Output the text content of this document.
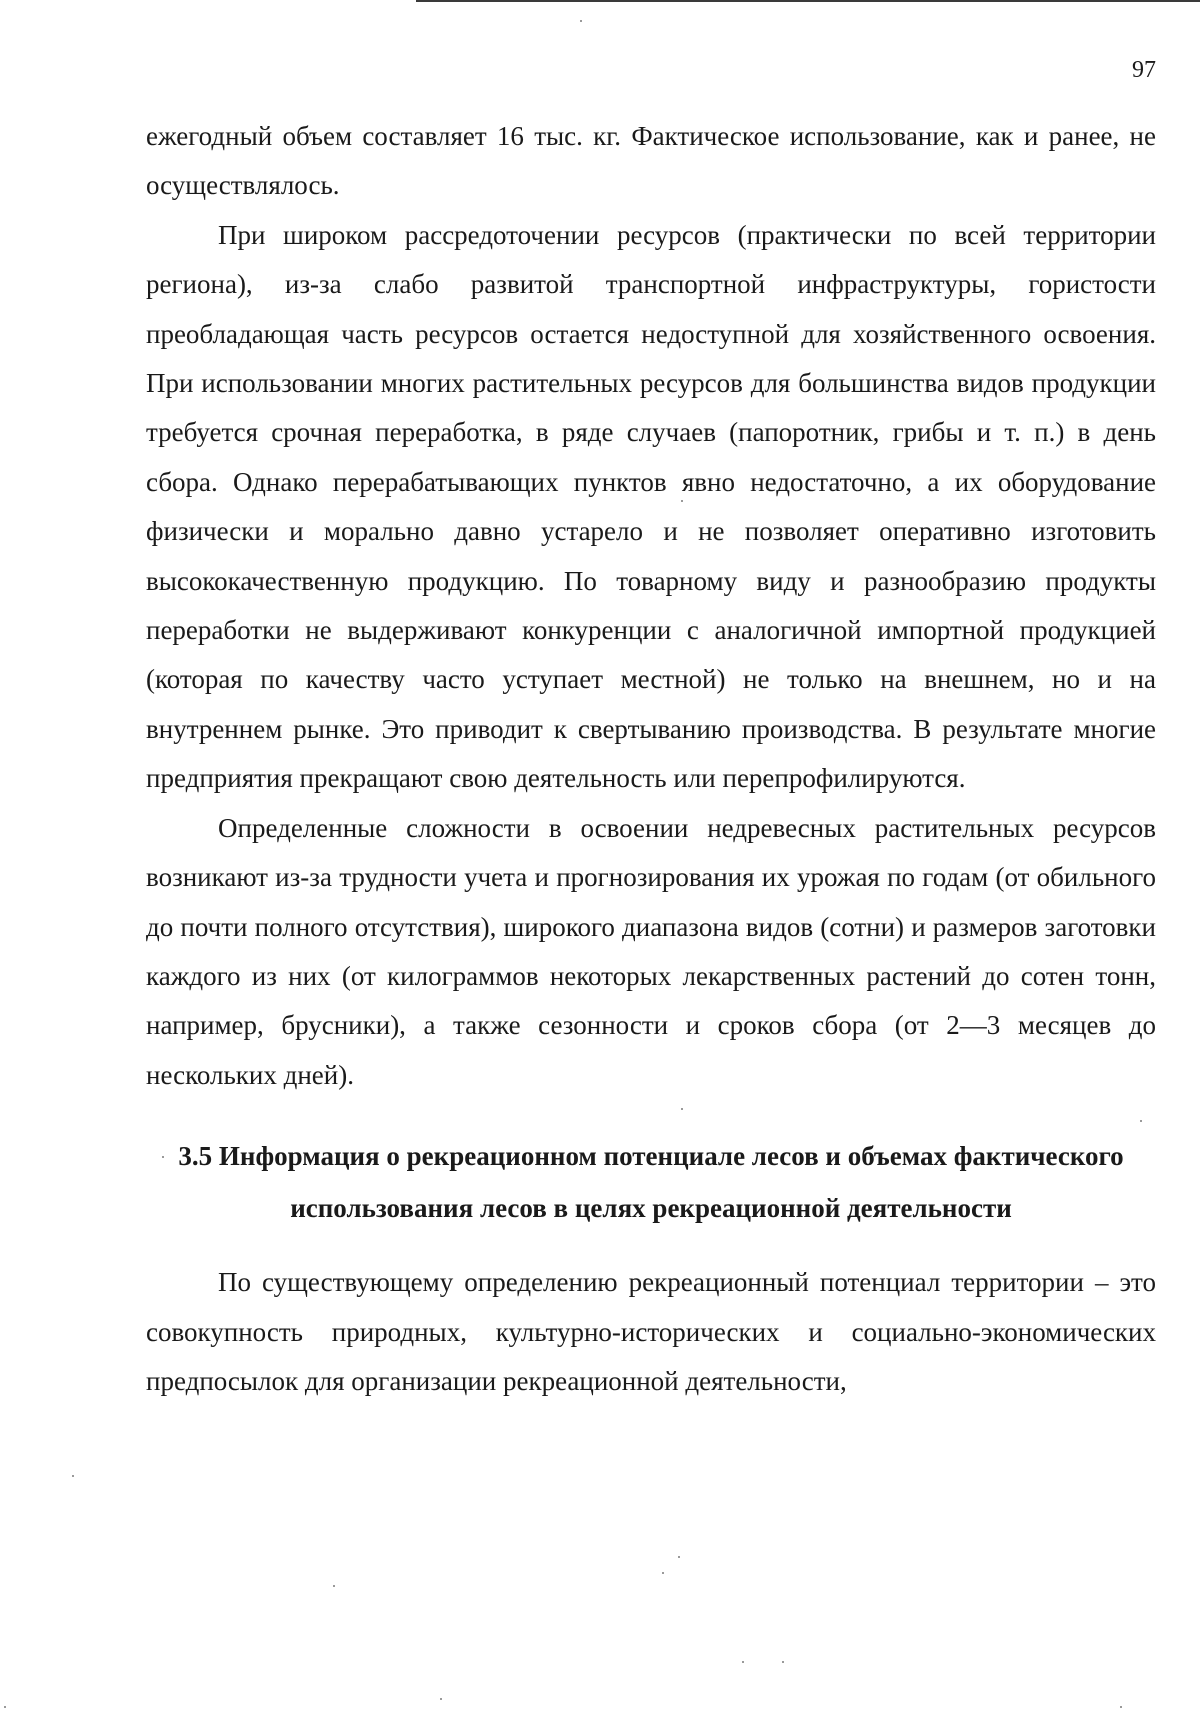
97

ежегодный объем составляет 16 тыс. кг. Фактическое использование, как и ранее, не осуществлялось.

При широком рассредоточении ресурсов (практически по всей территории региона), из-за слабо развитой транспортной инфраструктуры, гористости преобладающая часть ресурсов остается недоступной для хозяйственного освоения. При использовании многих растительных ресурсов для большинства видов продукции требуется срочная переработка, в ряде случаев (папоротник, грибы и т. п.) в день сбора. Однако перерабатывающих пунктов явно недостаточно, а их оборудование физически и морально давно устарело и не позволяет оперативно изготовить высококачественную продукцию. По товарному виду и разнообразию продукты переработки не выдерживают конкуренции с аналогичной импортной продукцией (которая по качеству часто уступает местной) не только на внешнем, но и на внутреннем рынке. Это приводит к свертыванию производства. В результате многие предприятия прекращают свою деятельность или перепрофилируются.

Определенные сложности в освоении недревесных растительных ресурсов возникают из-за трудности учета и прогнозирования их урожая по годам (от обильного до почти полного отсутствия), широкого диапазона видов (сотни) и размеров заготовки каждого из них (от килограммов некоторых лекарственных растений до сотен тонн, например, брусники), а также сезонности и сроков сбора (от 2—3 месяцев до нескольких дней).

3.5 Информация о рекреационном потенциале лесов и объемах фактического
использования лесов в целях рекреационной деятельности

По существующему определению рекреационный потенциал территории – это совокупность природных, культурно-исторических и социально-экономических предпосылок для организации рекреационной деятельности,
